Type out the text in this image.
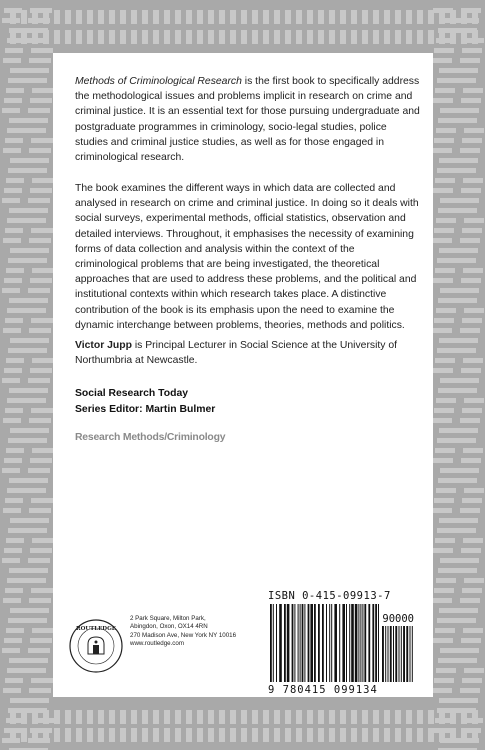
Methods of Criminological Research is the first book to specifically address the methodological issues and problems implicit in research on crime and criminal justice. It is an essential text for those pursuing undergraduate and postgraduate programmes in criminology, socio-legal studies, police studies and criminal justice studies, as well as for those engaged in criminological research.

The book examines the different ways in which data are collected and analysed in research on crime and criminal justice. In doing so it deals with social surveys, experimental methods, official statistics, observation and detailed interviews. Throughout, it emphasises the necessity of examining forms of data collection and analysis within the context of the criminological problems that are being investigated, the theoretical approaches that are used to address these problems, and the political and institutional contexts within which research takes place. A distinctive contribution of the book is its emphasis upon the need to examine the dynamic interchange between problems, theories, methods and politics.

Victor Jupp is Principal Lecturer in Social Science at the University of Northumbria at Newcastle.

Social Research Today
Series Editor: Martin Bulmer
Research Methods/Criminology
ROUTLEDGE
2 Park Square, Milton Park,
Abingdon, Oxon, OX14 4RN
270 Madison Ave, New York NY 10016
www.routledge.com
ISBN 0-415-09913-7
90000
9 780415 099134
